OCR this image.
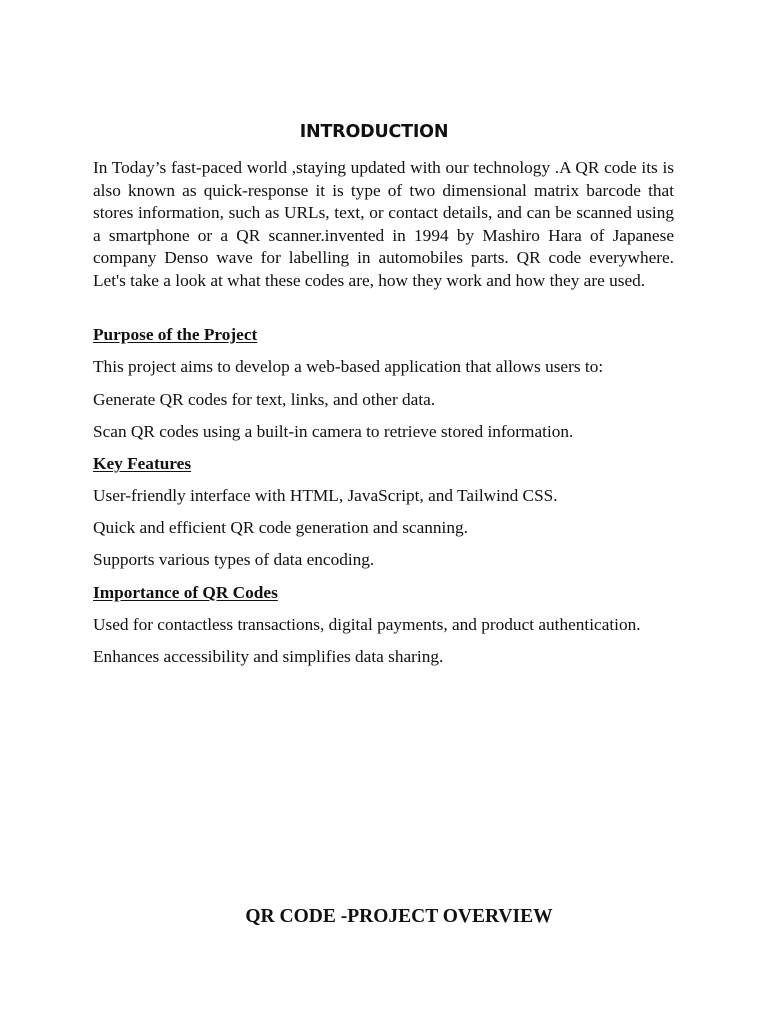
INTRODUCTION
In Today’s fast-paced world ,staying updated with our technology .A QR code its is also known as quick-response it is type of two dimensional matrix barcode that stores information, such as URLs, text, or contact details, and can be scanned using a smartphone or a QR scanner.invented in 1994 by Mashiro Hara of Japanese company Denso wave for labelling in automobiles parts. QR code everywhere. Let's take a look at what these codes are, how they work and how they are used.
Purpose of the Project
This project aims to develop a web-based application that allows users to:
Generate QR codes for text, links, and other data.
Scan QR codes using a built-in camera to retrieve stored information.
Key Features
User-friendly interface with HTML, JavaScript, and Tailwind CSS.
Quick and efficient QR code generation and scanning.
Supports various types of data encoding.
Importance of QR Codes
Used for contactless transactions, digital payments, and product authentication.
Enhances accessibility and simplifies data sharing.
QR CODE -PROJECT OVERVIEW
